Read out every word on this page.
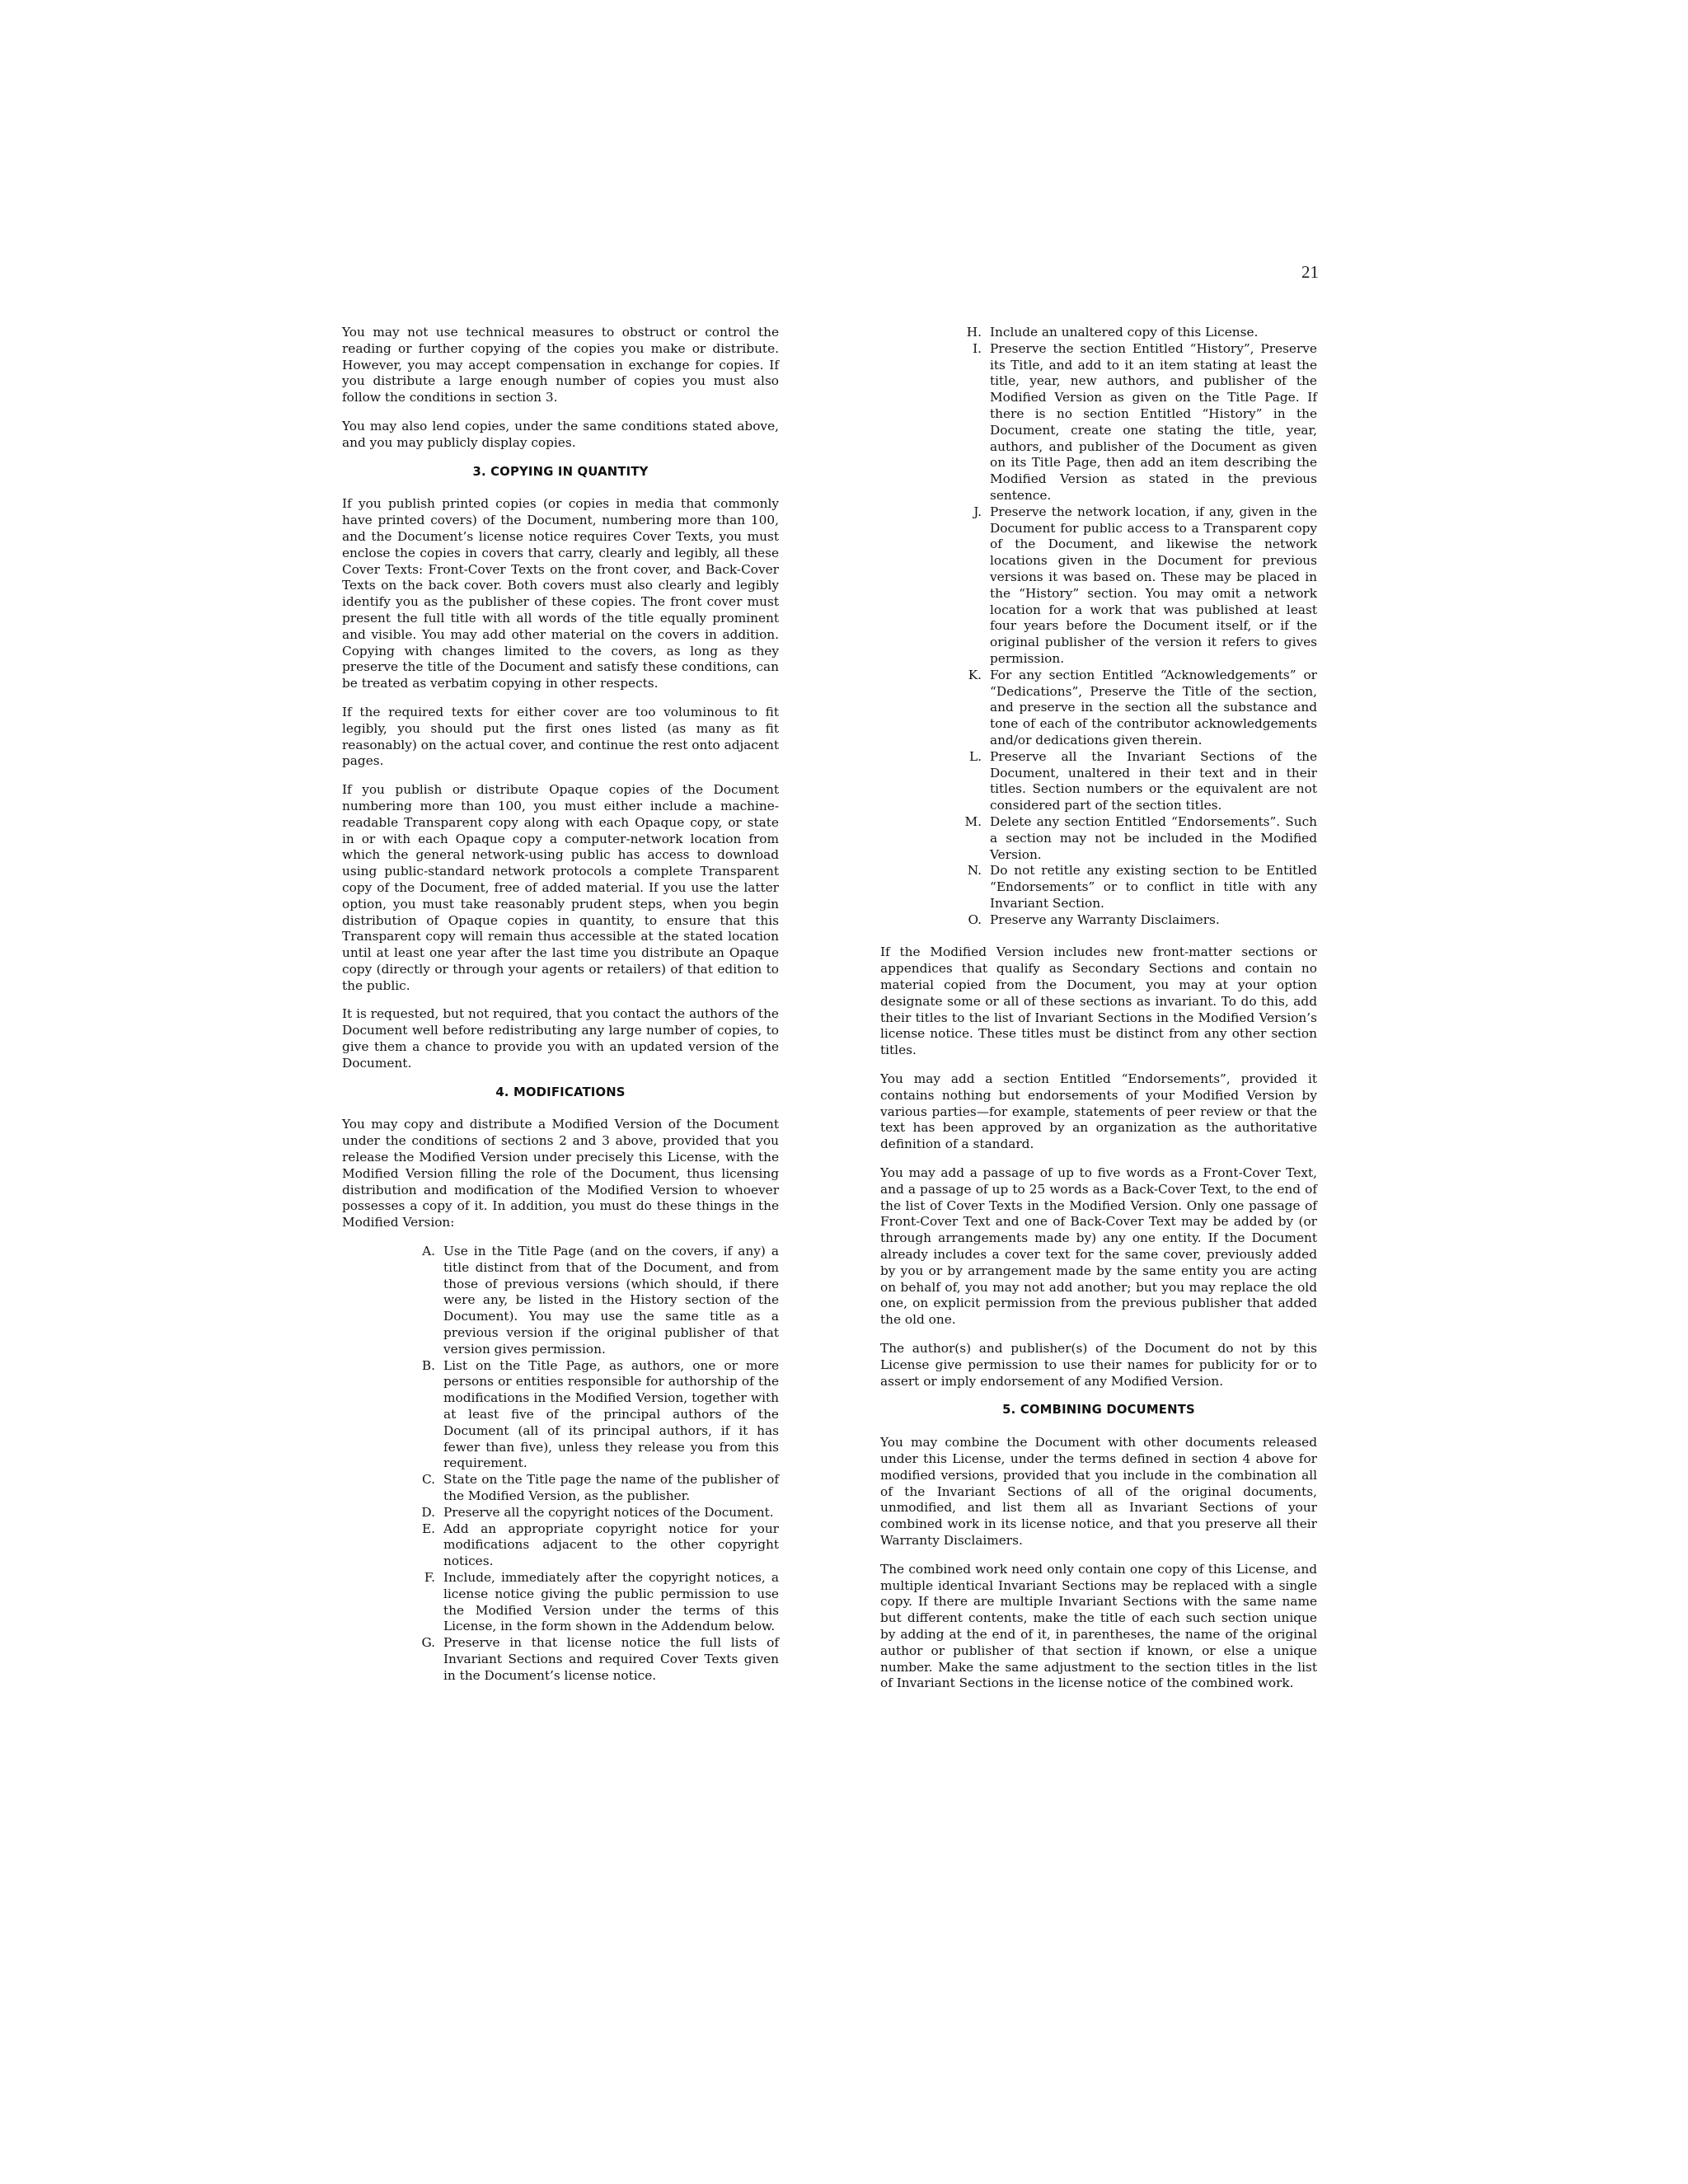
21

You may not use technical measures to obstruct or control the reading or further copying of the copies you make or distribute. However, you may accept compensation in exchange for copies. If you distribute a large enough number of copies you must also follow the conditions in section 3.

You may also lend copies, under the same conditions stated above, and you may publicly display copies.

3. COPYING IN QUANTITY

If you publish printed copies (or copies in media that commonly have printed covers) of the Document, numbering more than 100, and the Document’s license notice requires Cover Texts, you must enclose the copies in covers that carry, clearly and legibly, all these Cover Texts: Front-Cover Texts on the front cover, and Back-Cover Texts on the back cover. Both covers must also clearly and legibly identify you as the publisher of these copies. The front cover must present the full title with all words of the title equally prominent and visible. You may add other material on the covers in addition. Copying with changes limited to the covers, as long as they preserve the title of the Document and satisfy these conditions, can be treated as verbatim copying in other respects.

If the required texts for either cover are too voluminous to fit legibly, you should put the first ones listed (as many as fit reasonably) on the actual cover, and continue the rest onto adjacent pages.

If you publish or distribute Opaque copies of the Document numbering more than 100, you must either include a machine-readable Transparent copy along with each Opaque copy, or state in or with each Opaque copy a computer-network location from which the general network-using public has access to download using public-standard network protocols a complete Transparent copy of the Document, free of added material. If you use the latter option, you must take reasonably prudent steps, when you begin distribution of Opaque copies in quantity, to ensure that this Transparent copy will remain thus accessible at the stated location until at least one year after the last time you distribute an Opaque copy (directly or through your agents or retailers) of that edition to the public.

It is requested, but not required, that you contact the authors of the Document well before redistributing any large number of copies, to give them a chance to provide you with an updated version of the Document.

4. MODIFICATIONS

You may copy and distribute a Modified Version of the Document under the conditions of sections 2 and 3 above, provided that you release the Modified Version under precisely this License, with the Modified Version filling the role of the Document, thus licensing distribution and modification of the Modified Version to whoever possesses a copy of it. In addition, you must do these things in the Modified Version:

A. Use in the Title Page (and on the covers, if any) a title distinct from that of the Document, and from those of previous versions (which should, if there were any, be listed in the History section of the Document). You may use the same title as a previous version if the original publisher of that version gives permission.
B. List on the Title Page, as authors, one or more persons or entities responsible for authorship of the modifications in the Modified Version, together with at least five of the principal authors of the Document (all of its principal authors, if it has fewer than five), unless they release you from this requirement.
C. State on the Title page the name of the publisher of the Modified Version, as the publisher.
D. Preserve all the copyright notices of the Document.
E. Add an appropriate copyright notice for your modifications adjacent to the other copyright notices.
F. Include, immediately after the copyright notices, a license notice giving the public permission to use the Modified Version under the terms of this License, in the form shown in the Addendum below.
G. Preserve in that license notice the full lists of Invariant Sections and required Cover Texts given in the Document’s license notice.
H. Include an unaltered copy of this License.
I. Preserve the section Entitled “History”, Preserve its Title, and add to it an item stating at least the title, year, new authors, and publisher of the Modified Version as given on the Title Page. If there is no section Entitled “History” in the Document, create one stating the title, year, authors, and publisher of the Document as given on its Title Page, then add an item describing the Modified Version as stated in the previous sentence.
J. Preserve the network location, if any, given in the Document for public access to a Transparent copy of the Document, and likewise the network locations given in the Document for previous versions it was based on. These may be placed in the “History” section. You may omit a network location for a work that was published at least four years before the Document itself, or if the original publisher of the version it refers to gives permission.
K. For any section Entitled “Acknowledgements” or “Dedications”, Preserve the Title of the section, and preserve in the section all the substance and tone of each of the contributor acknowledgements and/or dedications given therein.
L. Preserve all the Invariant Sections of the Document, unaltered in their text and in their titles. Section numbers or the equivalent are not considered part of the section titles.
M. Delete any section Entitled “Endorsements”. Such a section may not be included in the Modified Version.
N. Do not retitle any existing section to be Entitled “Endorsements” or to conflict in title with any Invariant Section.
O. Preserve any Warranty Disclaimers.

If the Modified Version includes new front-matter sections or appendices that qualify as Secondary Sections and contain no material copied from the Document, you may at your option designate some or all of these sections as invariant. To do this, add their titles to the list of Invariant Sections in the Modified Version’s license notice. These titles must be distinct from any other section titles.

You may add a section Entitled “Endorsements”, provided it contains nothing but endorsements of your Modified Version by various parties—for example, statements of peer review or that the text has been approved by an organization as the authoritative definition of a standard.

You may add a passage of up to five words as a Front-Cover Text, and a passage of up to 25 words as a Back-Cover Text, to the end of the list of Cover Texts in the Modified Version. Only one passage of Front-Cover Text and one of Back-Cover Text may be added by (or through arrangements made by) any one entity. If the Document already includes a cover text for the same cover, previously added by you or by arrangement made by the same entity you are acting on behalf of, you may not add another; but you may replace the old one, on explicit permission from the previous publisher that added the old one.

The author(s) and publisher(s) of the Document do not by this License give permission to use their names for publicity for or to assert or imply endorsement of any Modified Version.

5. COMBINING DOCUMENTS

You may combine the Document with other documents released under this License, under the terms defined in section 4 above for modified versions, provided that you include in the combination all of the Invariant Sections of all of the original documents, unmodified, and list them all as Invariant Sections of your combined work in its license notice, and that you preserve all their Warranty Disclaimers.

The combined work need only contain one copy of this License, and multiple identical Invariant Sections may be replaced with a single copy. If there are multiple Invariant Sections with the same name but different contents, make the title of each such section unique by adding at the end of it, in parentheses, the name of the original author or publisher of that section if known, or else a unique number. Make the same adjustment to the section titles in the list of Invariant Sections in the license notice of the combined work.
